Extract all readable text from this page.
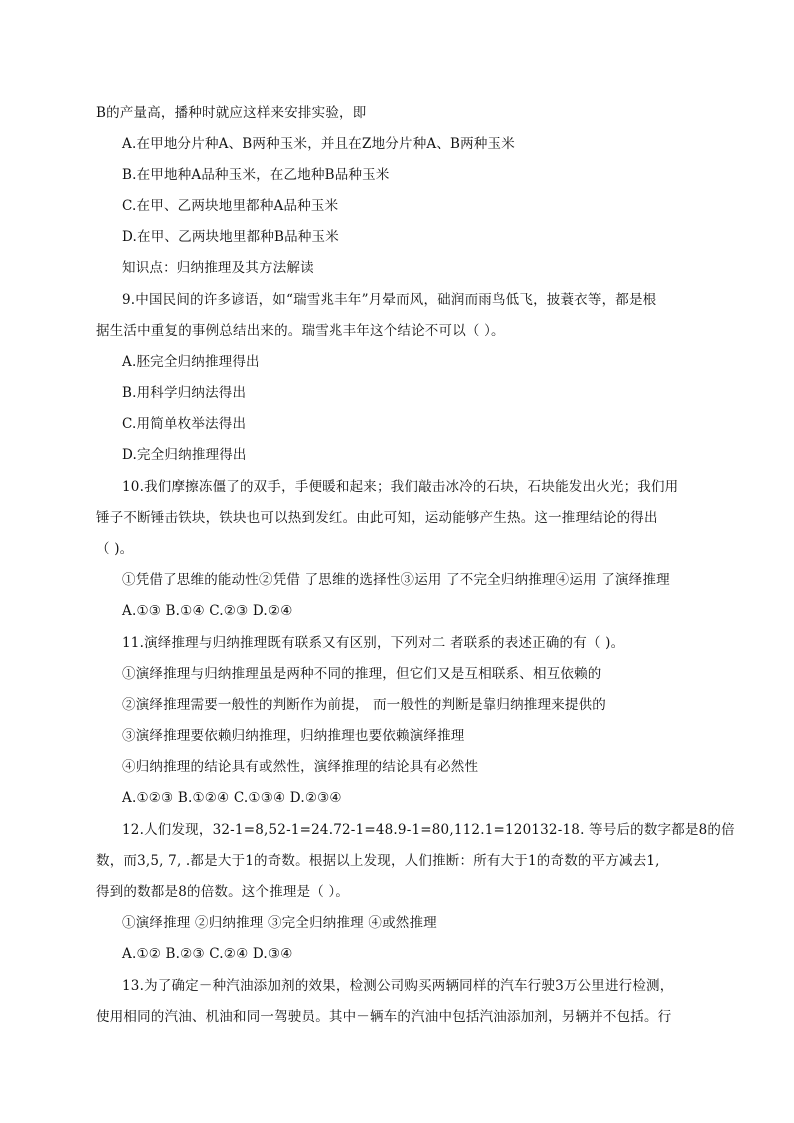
B的产量高，播种时就应这样来安排实验，即
A.在甲地分片种A、B两种玉米，并且在Z地分片种A、B两种玉米
B.在甲地种A品种玉米，在乙地种B品种玉米
C.在甲、乙两块地里都种A品种玉米
D.在甲、乙两块地里都种B品种玉米
知识点：归纳推理及其方法解读
9.中国民间的许多谚语，如“瑞雪兆丰年”月晕而风，础润而雨鸟低飞，披蓑衣等，都是根
据生活中重复的事例总结出来的。瑞雪兆丰年这个结论不可以（ ）。
A.胚完全归纳推理得出
B.用科学归纳法得出
C.用简单枚举法得出
D.完全归纳推理得出
10.我们摩擦冻僵了的双手，手便暖和起来；我们敲击冰冷的石块，石块能发出火光；我们用
锤子不断锤击铁块，铁块也可以热到发红。由此可知，运动能够产生热。这一推理结论的得出
（ )。
①凭借了思维的能动性②凭借 了思维的选择性③运用 了不完全归纳推理④运用 了演绎推理
A.①③ B.①④ C.②③ D.②④
11.演绎推理与归纳推理既有联系又有区别，下列对二 者联系的表述正确的有（ )。
①演绎推理与归纳推理虽是两种不同的推理，但它们又是互相联系、相互依赖的
②演绎推理需要一般性的判断作为前提， 而一般性的判断是靠归纳推理来提供的
③演绎推理要依赖归纳推理，归纳推理也要依赖演绎推理
④归纳推理的结论具有或然性，演绎推理的结论具有必然性
A.①②③ B.①②④ C.①③④ D.②③④
12.人们发现，32-1=8,52-1=24.72-1=48.9-1=80,112.1=120132-18. 等号后的数字都是8的倍
数，而3,5, 7, .都是大于1的奇数。根据以上发现，人们推断：所有大于1的奇数的平方减去1,
得到的数都是8的倍数。这个推理是（ ）。
①演绎推理 ②归纳推理 ③完全归纳推理 ④或然推理
A.①② B.②③ C.②④ D.③④
13.为了确定－种汽油添加剂的效果，检测公司购买两辆同样的汽车行驶3万公里进行检测，
使用相同的汽油、机油和同一驾驶员。其中－辆车的汽油中包括汽油添加剂，另辆并不包括。行
